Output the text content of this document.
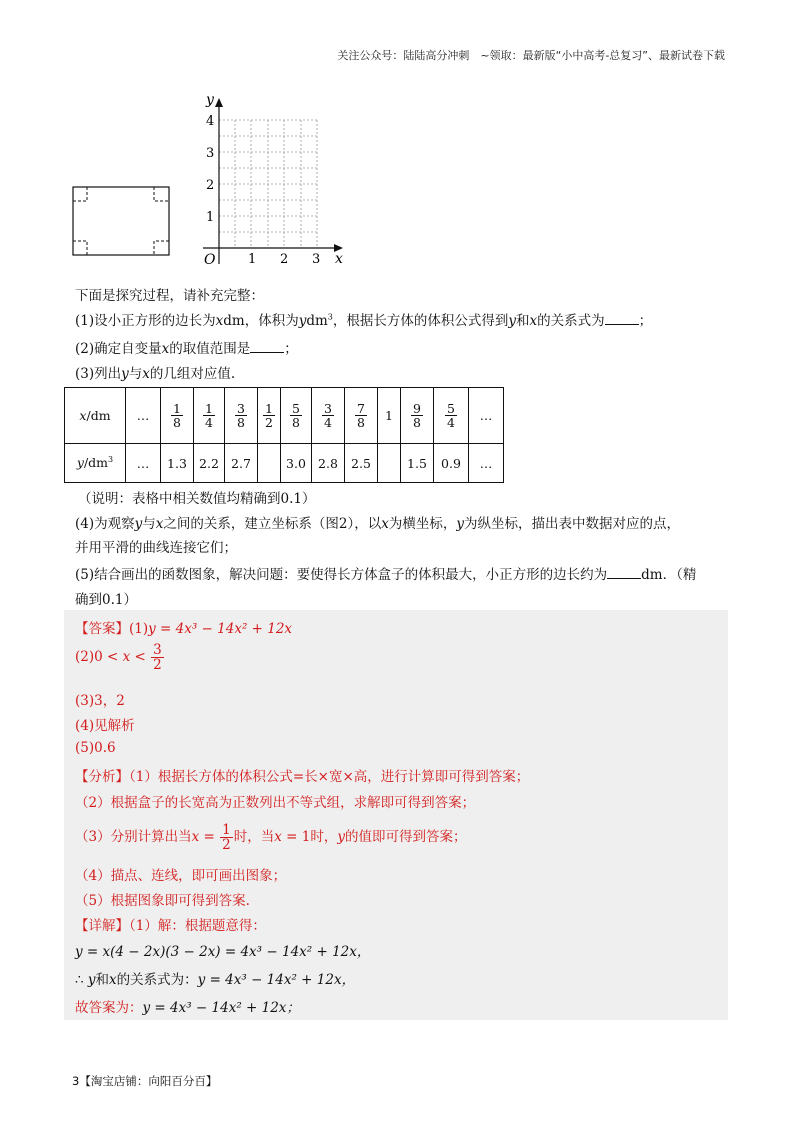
关注公众号：陆陆高分冲刺　~领取：最新版“小中高考-总复习”、最新试卷下载
y
x
O
4
3
2
1
1 2 3
下面是探究过程，请补充完整：
(1)设小正方形的边长为xdm，体积为ydm$^3$，根据长方体的体积公式得到y和x的关系式为	；
(2)确定自变量x的取值范围是	；
(3)列出y与x的几组对应值.
x/dm	…	$\frac{1}{8}$	$\frac{1}{4}$	$\frac{3}{8}$	$\frac{1}{2}$	$\frac{5}{8}$	$\frac{3}{4}$	$\frac{7}{8}$	1	$\frac{9}{8}$	$\frac{5}{4}$	…
$y/dm^3$	…	1.3	2.2	2.7		3.0	2.8	2.5		1.5	0.9	…
（说明：表格中相关数值均精确到0.1）
(4)为观察y与x之间的关系，建立坐标系（图2），以x为横坐标，y为纵坐标，描出表中数据对应的点，
并用平滑的曲线连接它们；
(5)结合画出的函数图象，解决问题：要使得长方体盒子的体积最大，小正方形的边长约为	dm．（精
确到0.1）
【答案】(1)y = 4x³ − 14x² + 12x
$(2)0 < x < \frac{3}{2}$
(3)3，2
(4)见解析
(5)0.6
【分析】（1）根据长方体的体积公式=长×宽×高，进行计算即可得到答案；
（2）根据盒子的长宽高为正数列出不等式组，求解即可得到答案；
（3）分别计算出当$x = \frac{1}{2}$ 时，当x = 1时，y的值即可得到答案；
（4）描点、连线，即可画出图象；
（5）根据图象即可得到答案.
【详解】（1）解：根据题意得：
y = x(4 − 2x)(3 − 2x) = 4x³ − 14x² + 12x，
∴ y和x的关系式为：y = 4x³ − 14x² + 12x，
故答案为：y = 4x³ − 14x² + 12x；
3【淘宝店铺：向阳百分百】
